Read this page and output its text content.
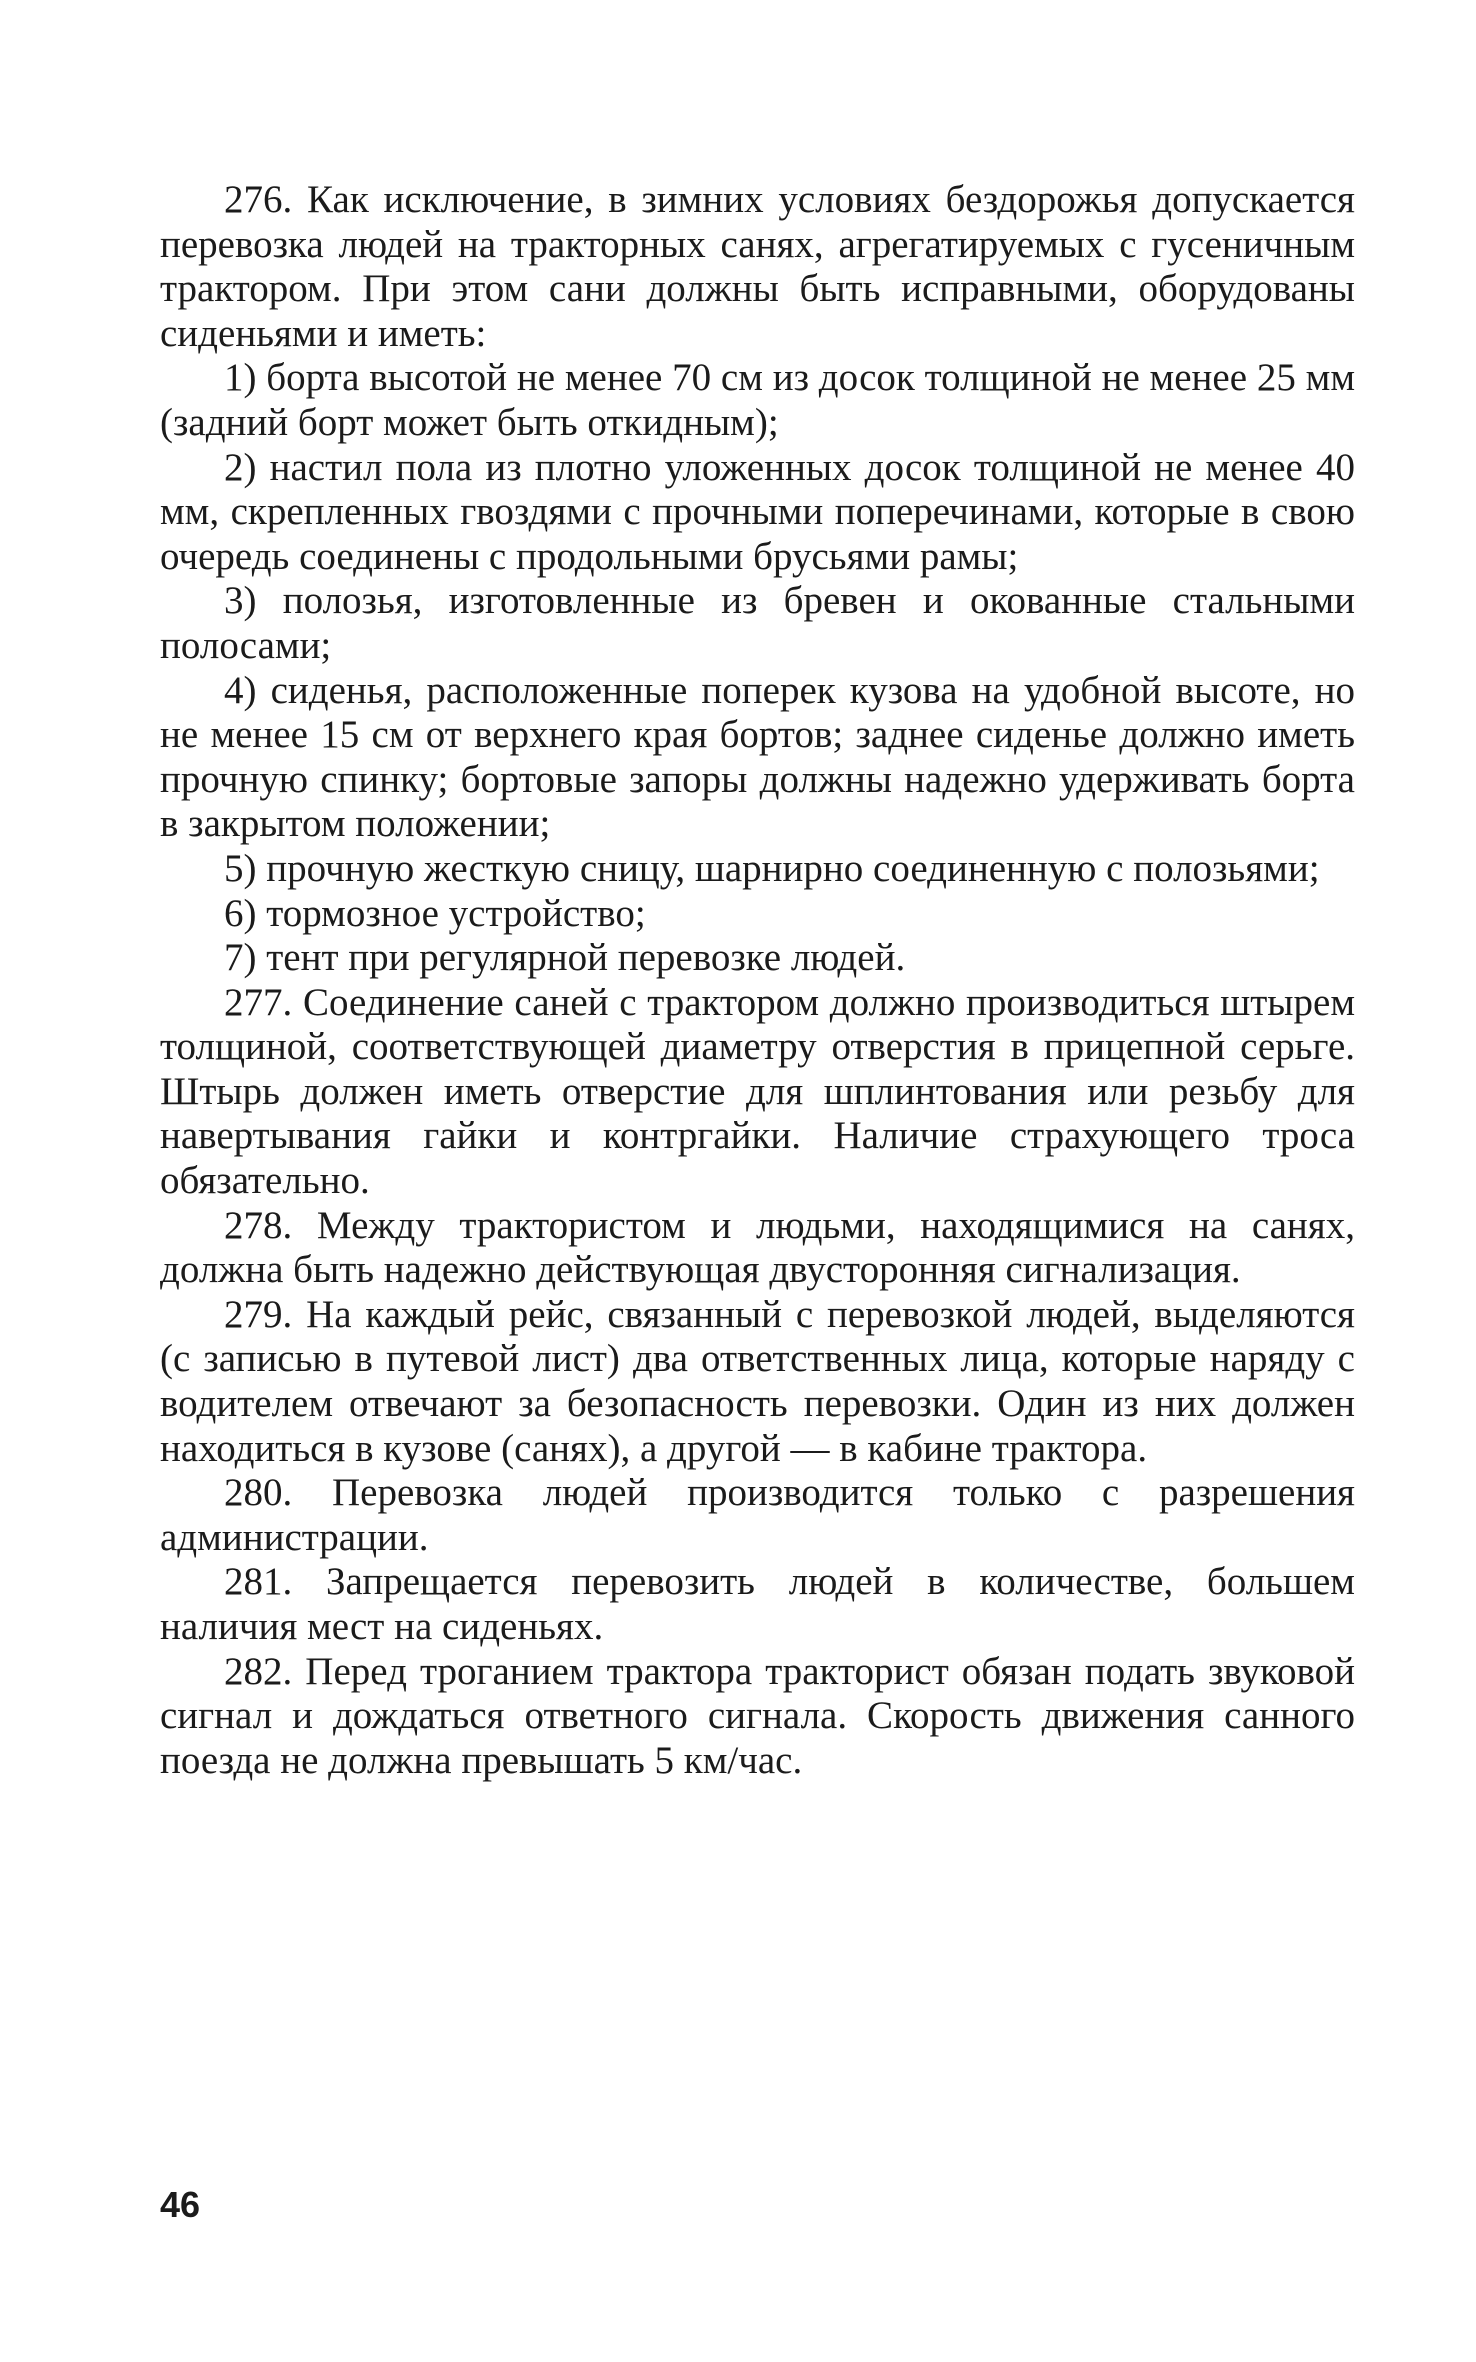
276. Как исключение, в зимних условиях бездорожья допускается перевозка людей на тракторных санях, агрегатируемых с гусеничным трактором. При этом сани должны быть исправными, оборудованы сиденьями и иметь:

1) борта высотой не менее 70 см из досок толщиной не менее 25 мм (задний борт может быть откидным);

2) настил пола из плотно уложенных досок толщиной не менее 40 мм, скрепленных гвоздями с прочными поперечинами, которые в свою очередь соединены с продольными брусьями рамы;

3) полозья, изготовленные из бревен и окованные стальными полосами;

4) сиденья, расположенные поперек кузова на удобной высоте, но не менее 15 см от верхнего края бортов; заднее сиденье должно иметь прочную спинку; бортовые запоры должны надежно удерживать борта в закрытом положении;

5) прочную жесткую сницу, шарнирно соединенную с полозьями;

6) тормозное устройство;

7) тент при регулярной перевозке людей.

277. Соединение саней с трактором должно производиться штырем толщиной, соответствующей диаметру отверстия в прицепной серьге. Штырь должен иметь отверстие для шплинтования или резьбу для навертывания гайки и контргайки. Наличие страхующего троса обязательно.

278. Между трактористом и людьми, находящимися на санях, должна быть надежно действующая двусторонняя сигнализация.

279. На каждый рейс, связанный с перевозкой людей, выделяются (с записью в путевой лист) два ответственных лица, которые наряду с водителем отвечают за безопасность перевозки. Один из них должен находиться в кузове (санях), а другой — в кабине трактора.

280. Перевозка людей производится только с разрешения администрации.

281. Запрещается перевозить людей в количестве, большем наличия мест на сиденьях.

282. Перед троганием трактора тракторист обязан подать звуковой сигнал и дождаться ответного сигнала. Скорость движения санного поезда не должна превышать 5 км/час.

46
